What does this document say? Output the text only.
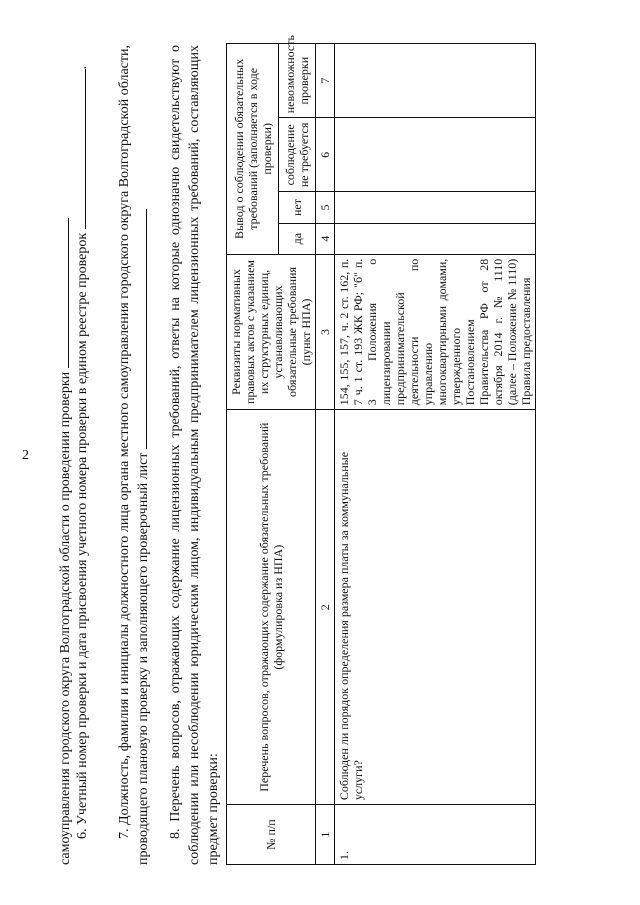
2 самоуправления городского округа Волгоградской области о проведении проверки 6. Учетный номер проверки и дата присвоения учетного номера проверки в едином реестре проверок .
7. Должность, фамилия и инициалы должностного лица органа местного самоуправления городского округа Волгоградской области, проводящего плановую проверку и заполняющего проверочный лист 8. Перечень вопросов, отражающих содержание лицензионных требований, ответы на которые однозначно свидетельствуют о соблюдении или несоблюдении юридическим лицом, индивидуальным предпринимателем лицензионных требований, составляющих предмет проверки:	№ п/п	Перечень вопросов, отражающих содержание обязательных требований (формулировка из НПА)	Реквизиты нормативных правовых актов с указанием их структурных единиц, устанавливающих обязательные требования (пункт НПА)	Вывод о соблюдении обязательных требований (заполняется в ходе проверки)			
			да	нет	соблюдение не требуется	невозможность проверки
1	2	3	4	5	6	7
1.	Соблюден ли порядок определения размера платы за коммунальные услуги?	154, 155, 157, ч. 2 ст. 162, п. 7 ч. 1 ст. 193 ЖК РФ; "б" п. 3 Положения о лицензировании предпринимательской деятельности по управлению многоквартирными домами, утвержденного Постановлением Правительства РФ от 28 октября 2014 г. № 1110 (далее – Положение № 1110) Правила предоставления				
